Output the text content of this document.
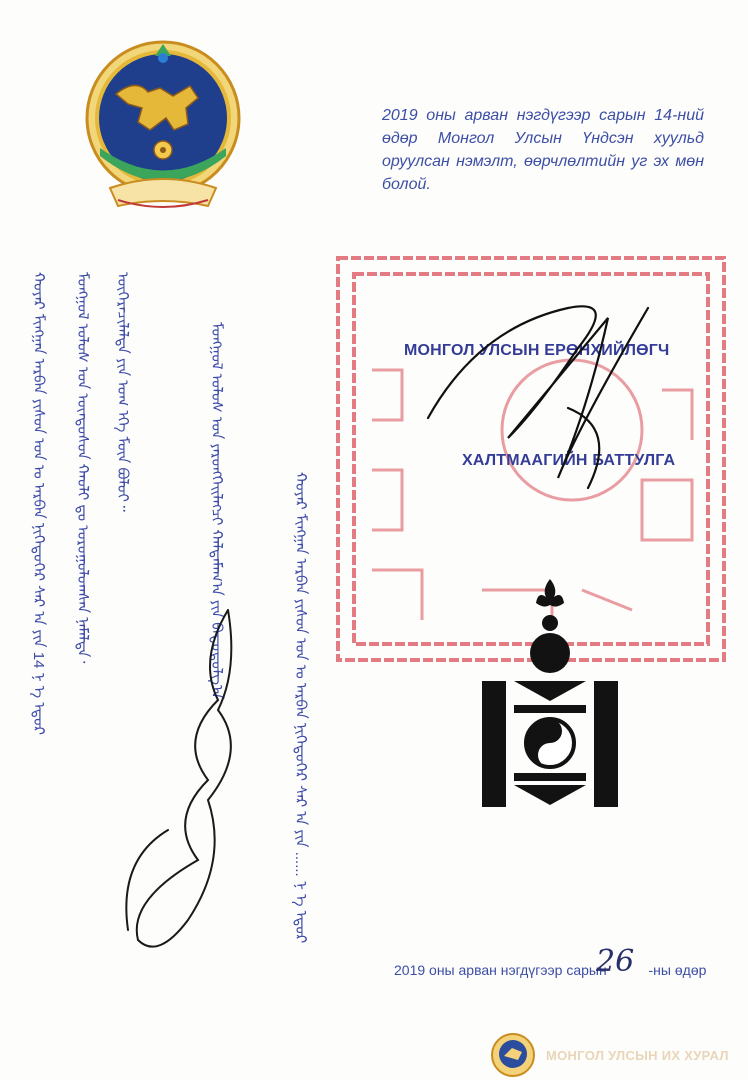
2019 оны арван нэгдүгээр сарын 14-ний өдөр Монгол Улсын Үндсэн хуульд оруулсан нэмэлт, өөрчлөлтийн уг эх мөн болой.
МОНГОЛ УЛСЫН ЕРӨНХИЙЛӨГЧ
ХАЛТМААГИЙН БАТТУЛГА
ᠬᠣᠶᠠᠷ ᠮᠢᠩᠭᠠᠨ ᠠᠷᠪᠠᠨ ᠶᠢᠰᠦᠨ ᠣᠨ ᠤ ᠠᠷᠪᠠᠨ ᠨᠢᠭᠡᠳᠦᠭᠡᠷ ᠰᠠᠷ ᠠ ᠶᠢᠨ 14 ᠨ ᠡ ᠡᠳᠦᠷ ᠮᠣᠩᠭᠣᠯ ᠤᠯᠤᠰ ᠤᠨ ᠦᠨᠳᠦᠰᠦᠨ ᠬᠠᠤᠯᠢ ᠳᠤ ᠣᠷᠣᠭᠤᠯᠤᠭᠰᠠᠨ ᠨᠡᠮᠡᠯᠲᠡ᠂ ᠥᠭᠡᠷᠡᠴᠢᠯᠡᠯᠲᠡ ᠶᠢᠨ ᠤᠭ ᠡᠬᠡ ᠮᠥᠨ ᠪᠣᠯᠤᠢ᠃	ᠮᠣᠩᠭᠣᠯ ᠤᠯᠤᠰ ᠤᠨ ᠶᠡᠷᠦᠩᠬᠡᠢᠯᠡᠭᠴᠢ ᠬᠠᠯᠲᠠᠮᠠᠭ᠎ᠠ ᠶᠢᠨ ᠪᠠᠲᠤᠲᠤᠯᠭ᠎ᠠ	ᠬᠣᠶᠠᠷ ᠮᠢᠩᠭᠠᠨ ᠠᠷᠪᠠᠨ ᠶᠢᠰᠦᠨ ᠣᠨ ᠤ ᠠᠷᠪᠠᠨ ᠨᠢᠭᠡᠳᠦᠭᠡᠷ ᠰᠠᠷ ᠠ ᠶᠢᠨ ...... ᠨ ᠡ ᠡᠳᠦᠷ
2019 оны арван нэгдүгээр сарын  -ны өдөр
26
МОНГОЛ УЛСЫН ИХ ХУРАЛ
